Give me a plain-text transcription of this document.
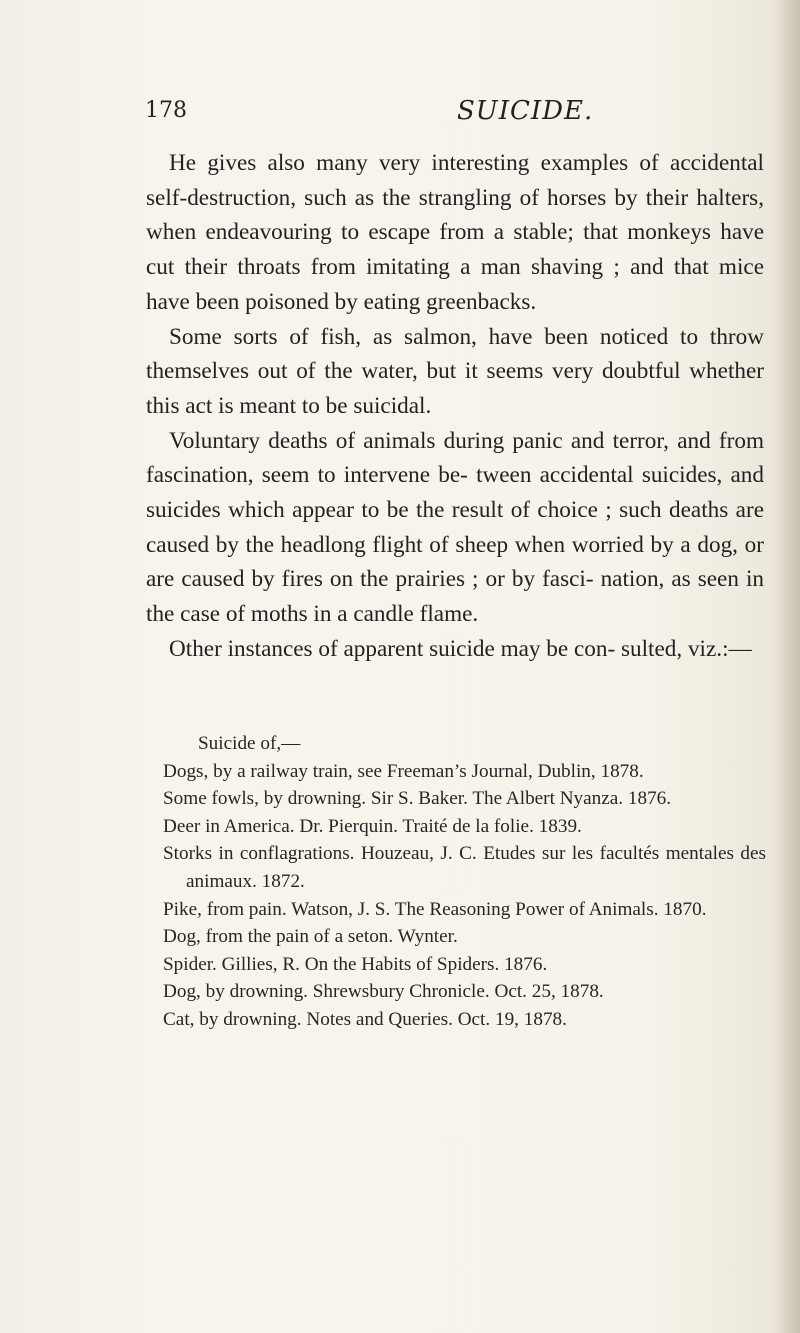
178	SUICIDE.

He gives also many very interesting examples of accidental self-destruction, such as the strangling of horses by their halters, when endeavouring to escape from a stable; that monkeys have cut their throats from imitating a man shaving ; and that mice have been poisoned by eating greenbacks.

Some sorts of fish, as salmon, have been noticed to throw themselves out of the water, but it seems very doubtful whether this act is meant to be suicidal.

Voluntary deaths of animals during panic and terror, and from fascination, seem to intervene be- tween accidental suicides, and suicides which appear to be the result of choice ; such deaths are caused by the headlong flight of sheep when worried by a dog, or are caused by fires on the prairies ; or by fasci- nation, as seen in the case of moths in a candle flame.

Other instances of apparent suicide may be con- sulted, viz.:—

Suicide of,—

Dogs, by a railway train, see Freeman’s Journal, Dublin, 1878.

Some fowls, by drowning. Sir S. Baker. The Albert Nyanza. 1876.

Deer in America. Dr. Pierquin. Traité de la folie. 1839.

Storks in conflagrations. Houzeau, J. C. Etudes sur les facultés mentales des animaux. 1872.

Pike, from pain. Watson, J. S. The Reasoning Power of Animals. 1870.

Dog, from the pain of a seton. Wynter.

Spider. Gillies, R. On the Habits of Spiders. 1876.

Dog, by drowning. Shrewsbury Chronicle. Oct. 25, 1878.

Cat, by drowning. Notes and Queries. Oct. 19, 1878.
